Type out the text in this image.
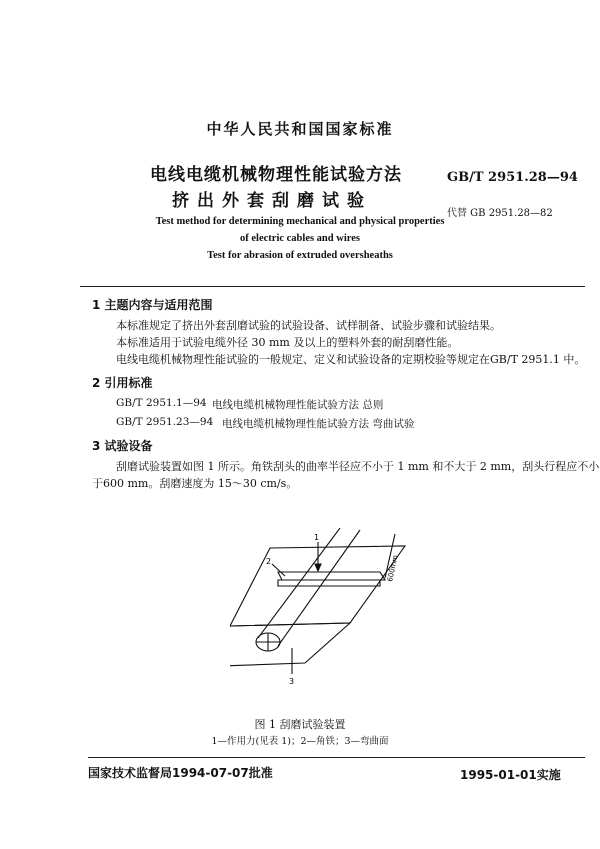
中华人民共和国国家标准
电线电缆机械物理性能试验方法
挤出外套刮磨试验
GB/T 2951.28—94
代替 GB 2951.28—82
Test method for determining mechanical and physical properties
of electric cables and wires
Test for abrasion of extruded oversheaths
1 主题内容与适用范围
本标准规定了挤出外套刮磨试验的试验设备、试样制备、试验步骤和试验结果。
本标准适用于试验电缆外径 30 mm 及以上的塑料外套的耐刮磨性能。
电线电缆机械物理性能试验的一般规定、定义和试验设备的定期校验等规定在GB/T 2951.1 中。
2 引用标准
GB/T 2951.1—94 电线电缆机械物理性能试验方法 总则
GB/T 2951.23—94 电线电缆机械物理性能试验方法 弯曲试验
3 试验设备
刮磨试验装置如图 1 所示。角铁刮头的曲率半径应不小于 1 mm 和不大于 2 mm，刮头行程应不小
于600 mm。刮磨速度为 15～30 cm/s。
1
2
3
600mm
图 1 刮磨试验装置
1—作用力(见表 1)；2—角铁；3—弯曲面
国家技术监督局1994-07-07批准	1995-01-01实施
